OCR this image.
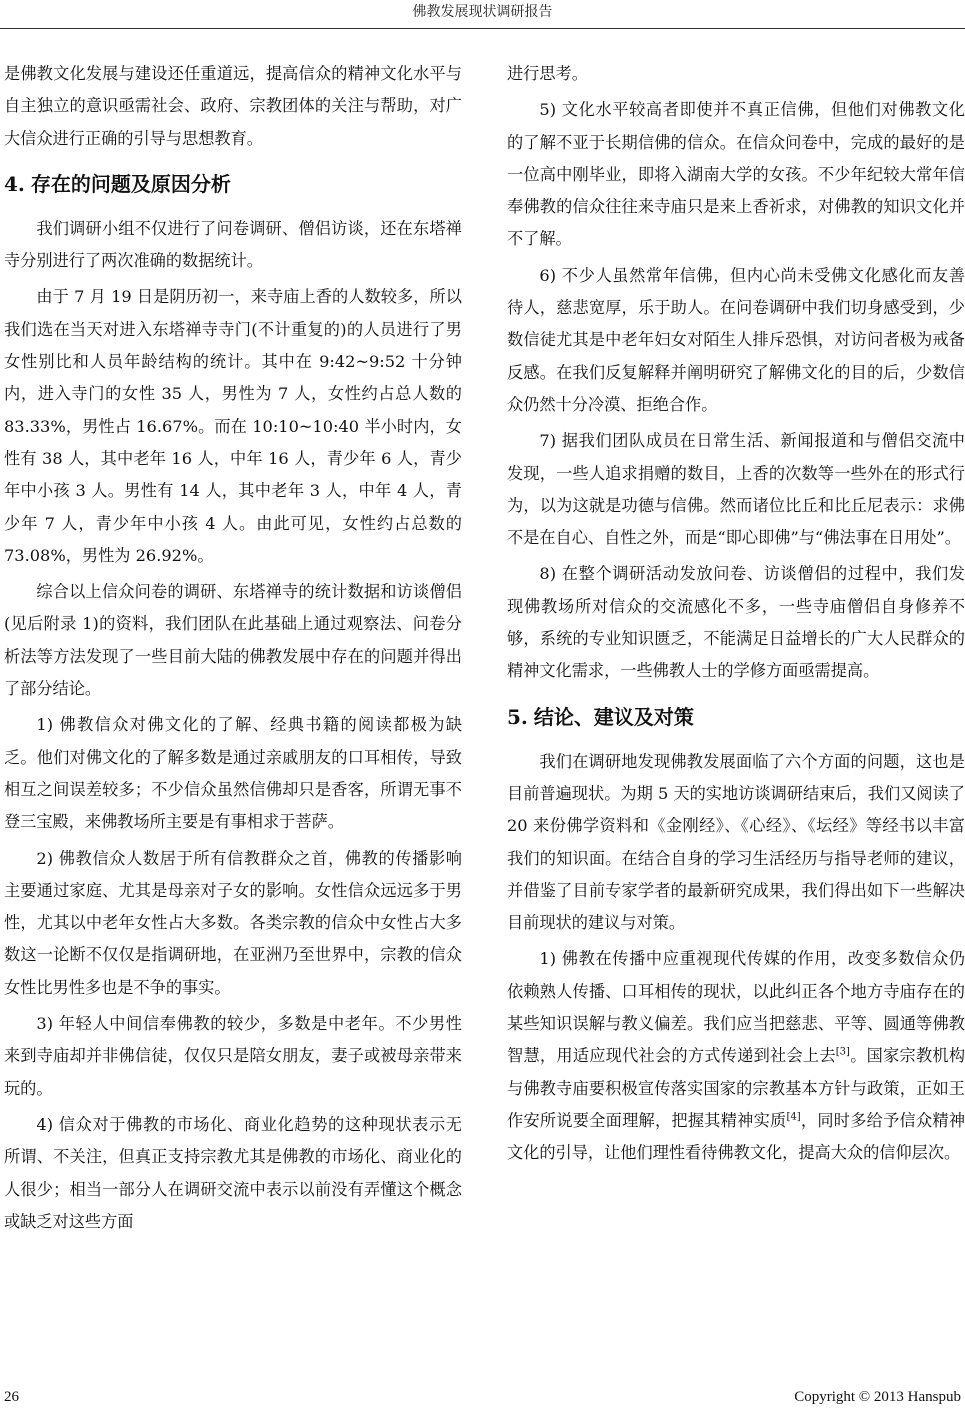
佛教发展现状调研报告

是佛教文化发展与建设还任重道远，提高信众的精神文化水平与自主独立的意识亟需社会、政府、宗教团体的关注与帮助，对广大信众进行正确的引导与思想教育。

4. 存在的问题及原因分析

我们调研小组不仅进行了问卷调研、僧侣访谈，还在东塔禅寺分别进行了两次准确的数据统计。

由于 7 月 19 日是阴历初一，来寺庙上香的人数较多，所以我们选在当天对进入东塔禅寺寺门(不计重复的)的人员进行了男女性别比和人员年龄结构的统计。其中在 9:42~9:52 十分钟内，进入寺门的女性 35 人，男性为 7 人，女性约占总人数的 83.33%，男性占 16.67%。而在 10:10~10:40 半小时内，女性有 38 人，其中老年 16 人，中年 16 人，青少年 6 人，青少年中小孩 3 人。男性有 14 人，其中老年 3 人，中年 4 人，青少年 7 人，青少年中小孩 4 人。由此可见，女性约占总数的 73.08%，男性为 26.92%。

综合以上信众问卷的调研、东塔禅寺的统计数据和访谈僧侣(见后附录 1)的资料，我们团队在此基础上通过观察法、问卷分析法等方法发现了一些目前大陆的佛教发展中存在的问题并得出了部分结论。

1) 佛教信众对佛文化的了解、经典书籍的阅读都极为缺乏。他们对佛文化的了解多数是通过亲戚朋友的口耳相传，导致相互之间误差较多；不少信众虽然信佛却只是香客，所谓无事不登三宝殿，来佛教场所主要是有事相求于菩萨。

2) 佛教信众人数居于所有信教群众之首，佛教的传播影响主要通过家庭、尤其是母亲对子女的影响。女性信众远远多于男性，尤其以中老年女性占大多数。各类宗教的信众中女性占大多数这一论断不仅仅是指调研地，在亚洲乃至世界中，宗教的信众女性比男性多也是不争的事实。

3) 年轻人中间信奉佛教的较少，多数是中老年。不少男性来到寺庙却并非佛信徒，仅仅只是陪女朋友，妻子或被母亲带来玩的。

4) 信众对于佛教的市场化、商业化趋势的这种现状表示无所谓、不关注，但真正支持宗教尤其是佛教的市场化、商业化的人很少；相当一部分人在调研交流中表示以前没有弄懂这个概念或缺乏对这些方面

进行思考。

5) 文化水平较高者即使并不真正信佛，但他们对佛教文化的了解不亚于长期信佛的信众。在信众问卷中，完成的最好的是一位高中刚毕业，即将入湖南大学的女孩。不少年纪较大常年信奉佛教的信众往往来寺庙只是来上香祈求，对佛教的知识文化并不了解。

6) 不少人虽然常年信佛，但内心尚未受佛文化感化而友善待人，慈悲宽厚，乐于助人。在问卷调研中我们切身感受到，少数信徒尤其是中老年妇女对陌生人排斥恐惧，对访问者极为戒备反感。在我们反复解释并阐明研究了解佛文化的目的后，少数信众仍然十分冷漠、拒绝合作。

7) 据我们团队成员在日常生活、新闻报道和与僧侣交流中发现，一些人追求捐赠的数目，上香的次数等一些外在的形式行为，以为这就是功德与信佛。然而诸位比丘和比丘尼表示：求佛不是在自心、自性之外，而是“即心即佛”与“佛法事在日用处”。

8) 在整个调研活动发放问卷、访谈僧侣的过程中，我们发现佛教场所对信众的交流感化不多，一些寺庙僧侣自身修养不够，系统的专业知识匮乏，不能满足日益增长的广大人民群众的精神文化需求，一些佛教人士的学修方面亟需提高。

5. 结论、建议及对策

我们在调研地发现佛教发展面临了六个方面的问题，这也是目前普遍现状。为期 5 天的实地访谈调研结束后，我们又阅读了 20 来份佛学资料和《金刚经》、《心经》、《坛经》等经书以丰富我们的知识面。在结合自身的学习生活经历与指导老师的建议，并借鉴了目前专家学者的最新研究成果，我们得出如下一些解决目前现状的建议与对策。

1) 佛教在传播中应重视现代传媒的作用，改变多数信众仍依赖熟人传播、口耳相传的现状，以此纠正各个地方寺庙存在的某些知识误解与教义偏差。我们应当把慈悲、平等、圆通等佛教智慧，用适应现代社会的方式传递到社会上去[3]。国家宗教机构与佛教寺庙要积极宣传落实国家的宗教基本方针与政策，正如王作安所说要全面理解，把握其精神实质[4]，同时多给予信众精神文化的引导，让他们理性看待佛教文化，提高大众的信仰层次。

26	Copyright © 2013 Hanspub
